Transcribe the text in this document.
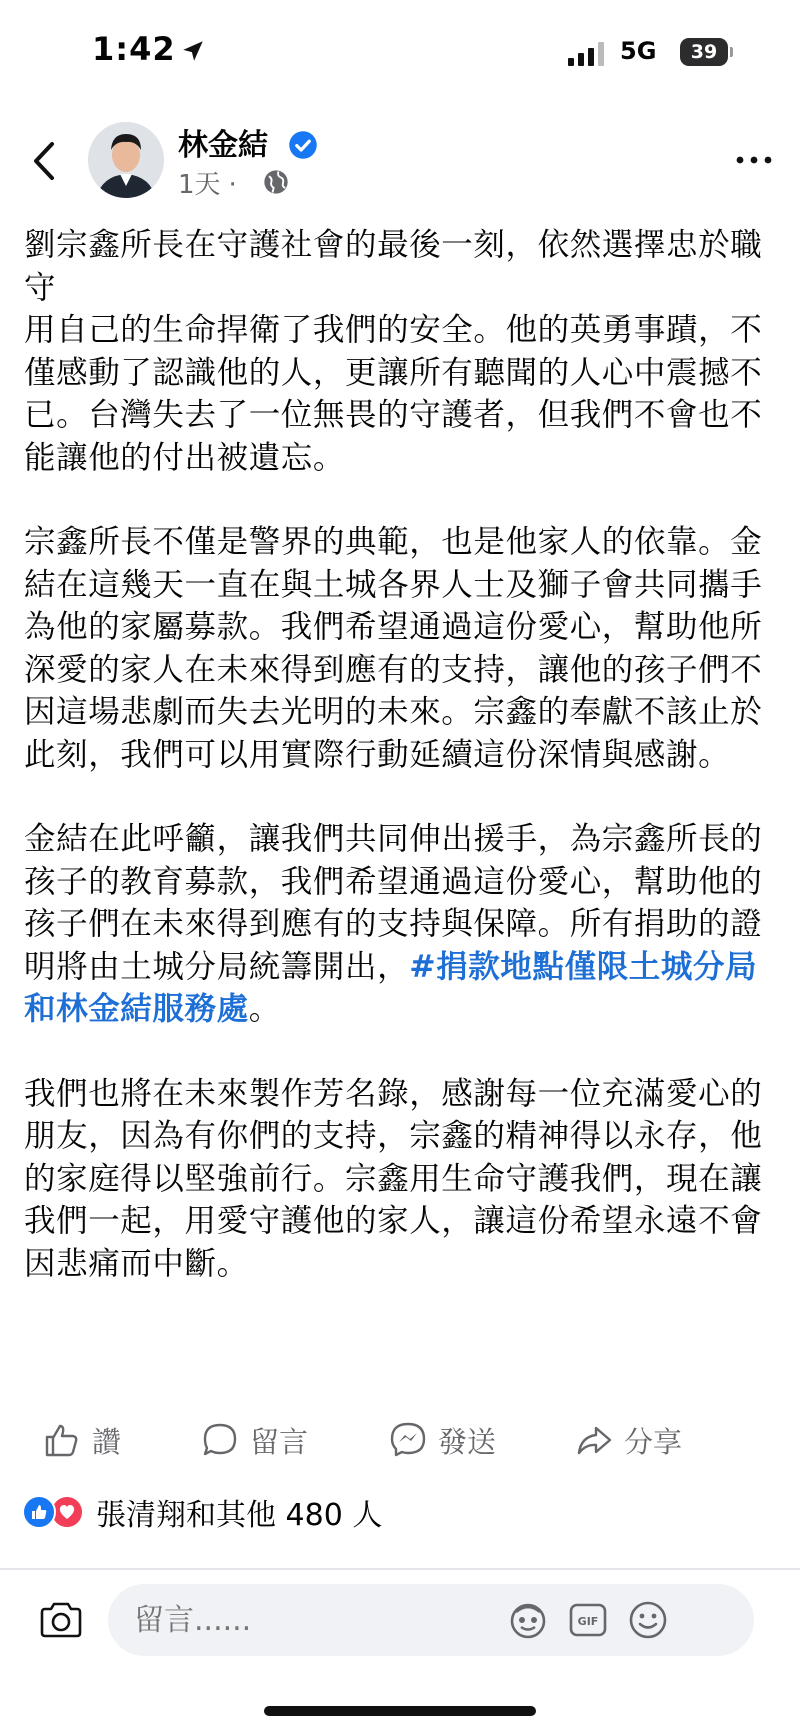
1:42	5G	39
林金結
1天 ·

劉宗鑫所長在守護社會的最後一刻，依然選擇忠於職守
用自己的生命捍衛了我們的安全。他的英勇事蹟，不僅感動了認識他的人，更讓所有聽聞的人心中震撼不已。台灣失去了一位無畏的守護者，但我們不會也不能讓他的付出被遺忘。

宗鑫所長不僅是警界的典範，也是他家人的依靠。金結在這幾天一直在與土城各界人士及獅子會共同攜手為他的家屬募款。我們希望通過這份愛心，幫助他所深愛的家人在未來得到應有的支持，讓他的孩子們不因這場悲劇而失去光明的未來。宗鑫的奉獻不該止於此刻，我們可以用實際行動延續這份深情與感謝。

金結在此呼籲，讓我們共同伸出援手，為宗鑫所長的孩子的教育募款，我們希望通過這份愛心，幫助他的孩子們在未來得到應有的支持與保障。所有捐助的證明將由土城分局統籌開出，#捐款地點僅限土城分局和林金結服務處。

我們也將在未來製作芳名錄，感謝每一位充滿愛心的朋友，因為有你們的支持，宗鑫的精神得以永存，他的家庭得以堅強前行。宗鑫用生命守護我們，現在讓我們一起，用愛守護他的家人，讓這份希望永遠不會因悲痛而中斷。

讚	留言	發送	分享
張清翔和其他 480 人
留言......
GIF
